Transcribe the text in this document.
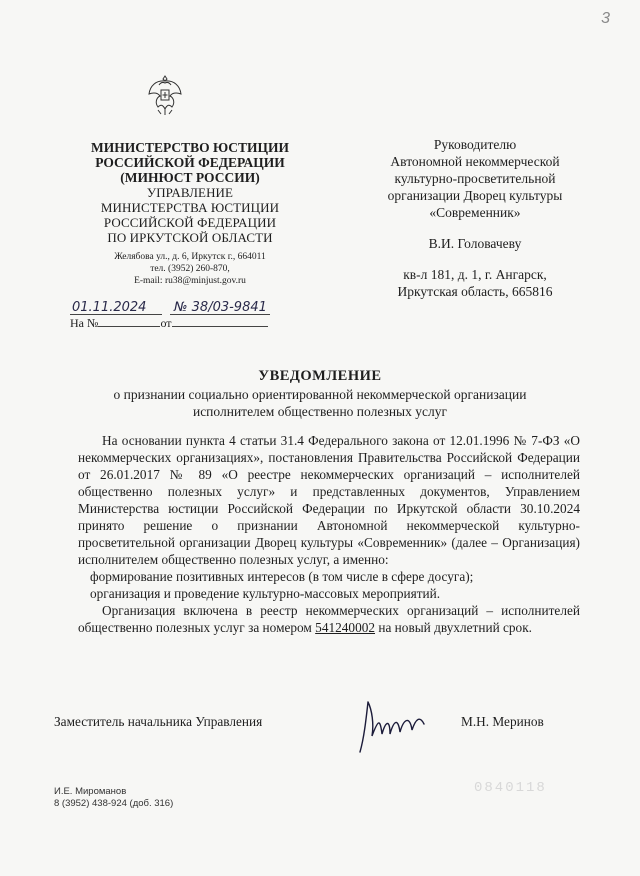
3
МИНИСТЕРСТВО ЮСТИЦИИ
РОССИЙСКОЙ ФЕДЕРАЦИИ
(МИНЮСТ РОССИИ)
УПРАВЛЕНИЕ
МИНИСТЕРСТВА ЮСТИЦИИ
РОССИЙСКОЙ ФЕДЕРАЦИИ
ПО ИРКУТСКОЙ ОБЛАСТИ
Желябова ул., д. 6, Иркутск г., 664011
тел. (3952) 260-870,
E-mail: ru38@minjust.gov.ru
Руководителю
Автономной некоммерческой
культурно-просветительной
организации Дворец культуры
«Современник»
В.И. Головачеву
кв-л 181, д. 1, г. Ангарск,
Иркутская область, 665816
01.11.2024 № 38/03-9841
На №	от
УВЕДОМЛЕНИЕ
о признании социально ориентированной некоммерческой организации
исполнителем общественно полезных услуг

На основании пункта 4 статьи 31.4 Федерального закона от 12.01.1996 № 7-ФЗ «О некоммерческих организациях», постановления Правительства Российской Федерации от 26.01.2017 № 89 «О реестре некоммерческих организаций – исполнителей общественно полезных услуг» и представленных документов, Управлением Министерства юстиции Российской Федерации по Иркутской области 30.10.2024 принято решение о признании Автономной некоммерческой культурно-просветительной организации Дворец культуры «Современник» (далее – Организация) исполнителем общественно полезных услуг, а именно:

формирование позитивных интересов (в том числе в сфере досуга);

организация и проведение культурно-массовых мероприятий.

Организация включена в реестр некоммерческих организаций – исполнителей общественно полезных услуг за номером 541240002 на новый двухлетний срок.

Заместитель начальника Управления	М.Н. Меринов
И.Е. Мироманов
8 (3952) 438-924 (доб. 316)
0840118
